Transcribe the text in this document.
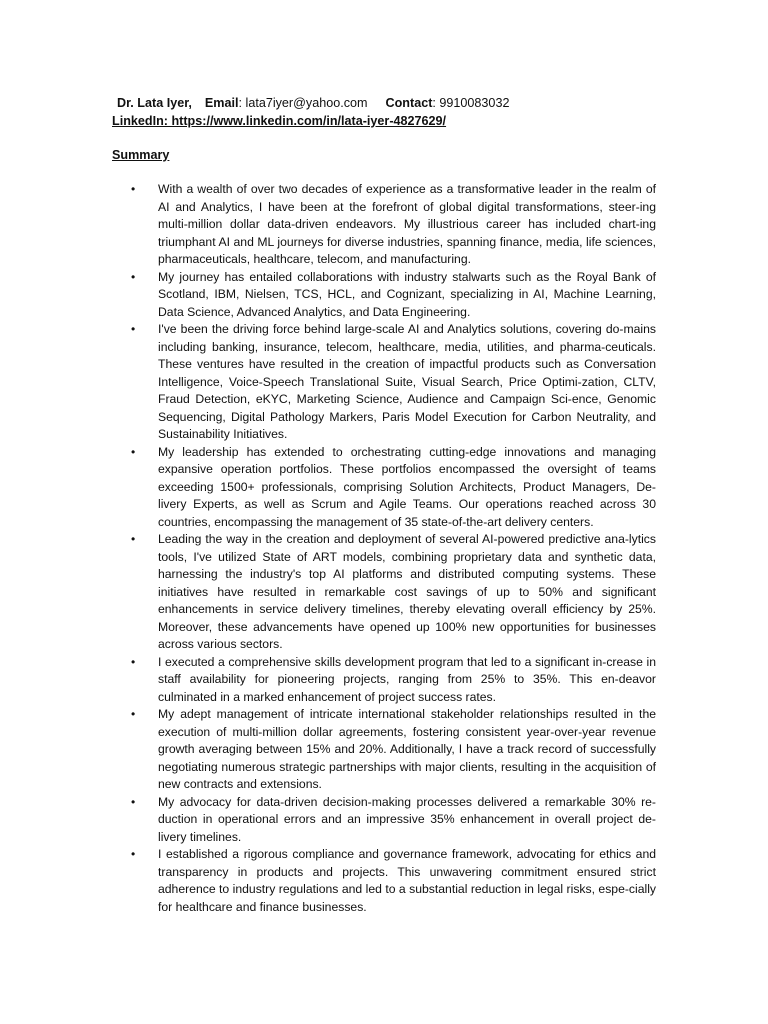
Dr. Lata Iyer, Email: lata7iyer@yahoo.com Contact: 9910083032
LinkedIn: https://www.linkedin.com/in/lata-iyer-4827629/
Summary
• With a wealth of over two decades of experience as a transformative leader in the realm of AI and Analytics, I have been at the forefront of global digital transformations, steer-ing multi-million dollar data-driven endeavors. My illustrious career has included chart-ing triumphant AI and ML journeys for diverse industries, spanning finance, media, life sciences, pharmaceuticals, healthcare, telecom, and manufacturing.
• My journey has entailed collaborations with industry stalwarts such as the Royal Bank of Scotland, IBM, Nielsen, TCS, HCL, and Cognizant, specializing in AI, Machine Learning, Data Science, Advanced Analytics, and Data Engineering.
• I've been the driving force behind large-scale AI and Analytics solutions, covering do-mains including banking, insurance, telecom, healthcare, media, utilities, and pharma-ceuticals. These ventures have resulted in the creation of impactful products such as Conversation Intelligence, Voice-Speech Translational Suite, Visual Search, Price Optimi-zation, CLTV, Fraud Detection, eKYC, Marketing Science, Audience and Campaign Sci-ence, Genomic Sequencing, Digital Pathology Markers, Paris Model Execution for Carbon Neutrality, and Sustainability Initiatives.
• My leadership has extended to orchestrating cutting-edge innovations and managing expansive operation portfolios. These portfolios encompassed the oversight of teams exceeding 1500+ professionals, comprising Solution Architects, Product Managers, De-livery Experts, as well as Scrum and Agile Teams. Our operations reached across 30 countries, encompassing the management of 35 state-of-the-art delivery centers.
• Leading the way in the creation and deployment of several AI-powered predictive ana-lytics tools, I've utilized State of ART models, combining proprietary data and synthetic data, harnessing the industry's top AI platforms and distributed computing systems. These initiatives have resulted in remarkable cost savings of up to 50% and significant enhancements in service delivery timelines, thereby elevating overall efficiency by 25%. Moreover, these advancements have opened up 100% new opportunities for businesses across various sectors.
• I executed a comprehensive skills development program that led to a significant in-crease in staff availability for pioneering projects, ranging from 25% to 35%. This en-deavor culminated in a marked enhancement of project success rates.
• My adept management of intricate international stakeholder relationships resulted in the execution of multi-million dollar agreements, fostering consistent year-over-year revenue growth averaging between 15% and 20%. Additionally, I have a track record of successfully negotiating numerous strategic partnerships with major clients, resulting in the acquisition of new contracts and extensions.
• My advocacy for data-driven decision-making processes delivered a remarkable 30% re-duction in operational errors and an impressive 35% enhancement in overall project de-livery timelines.
• I established a rigorous compliance and governance framework, advocating for ethics and transparency in products and projects. This unwavering commitment ensured strict adherence to industry regulations and led to a substantial reduction in legal risks, espe-cially for healthcare and finance businesses.
